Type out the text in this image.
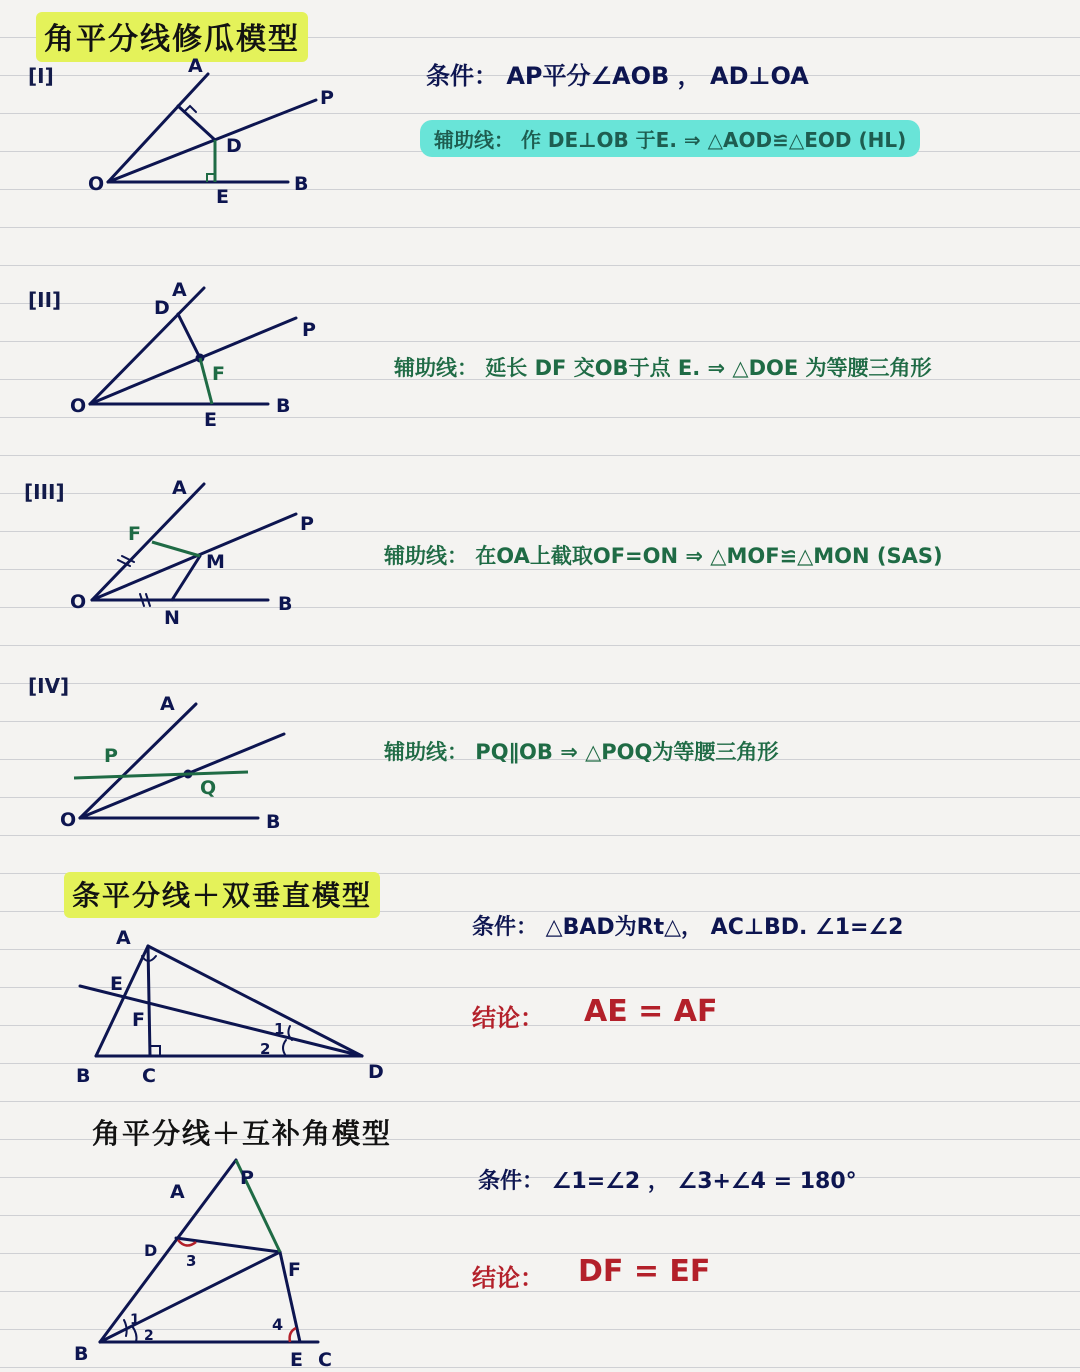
角平分线修瓜模型
条平分线＋双垂直模型
角平分线＋互补角模型
[I]
[II]
[III]
[IV]
条件： AP平分∠AOB ， AD⊥OA
辅助线： 作 DE⊥OB 于E. ⇒ △AOD≌△EOD (HL)
辅助线： 延长 DF 交OB于点 E. ⇒ △DOE 为等腰三角形
辅助线： 在OA上截取OF=ON ⇒ △MOF≌△MON (SAS)
辅助线： PQ∥OB ⇒ △POQ为等腰三角形
条件： △BAD为Rt△， AC⊥BD. ∠1=∠2
结论： AE = AF
条件： ∠1=∠2 ， ∠3+∠4 = 180°
结论： DF = EF
A
P
D
O
E
B
D
A
P
F
O
E
B
A
F	P
M
O
N
B
A
P
Q
O	B
A
E
F	1
2
B	C	D
P
A
D
3	F
1
2
4
B	E C
